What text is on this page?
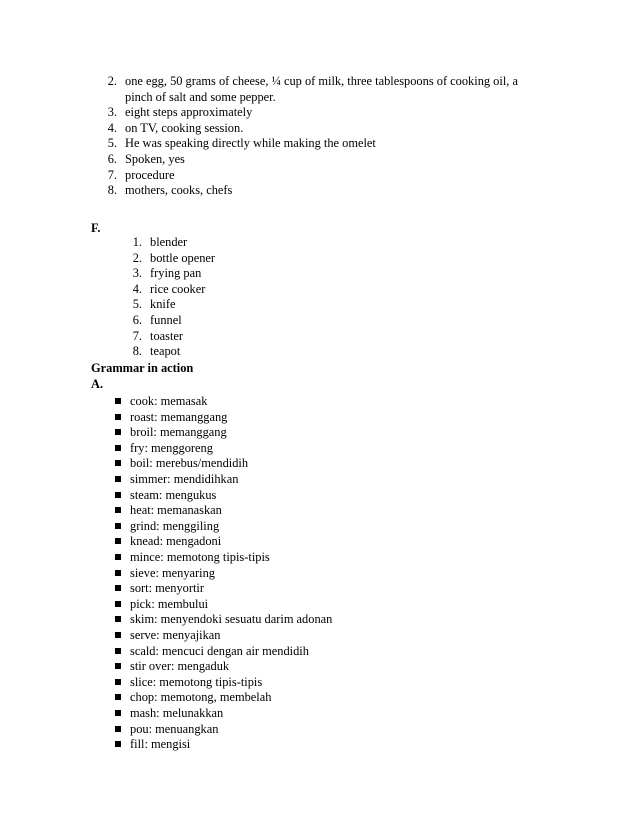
2. one egg, 50 grams of cheese, ¼ cup of milk, three tablespoons of cooking oil, a
pinch of salt and some pepper.
3. eight steps approximately
4. on TV, cooking session.
5. He was speaking directly while making the omelet
6. Spoken, yes
7. procedure
8. mothers, cooks, chefs
F.
1. blender
2. bottle opener
3. frying pan
4. rice cooker
5. knife
6. funnel
7. toaster
8. teapot
Grammar in action
A.
cook: memasak
roast: memanggang
broil: memanggang
fry: menggoreng
boil: merebus/mendidih
simmer: mendidihkan
steam: mengukus
heat: memanaskan
grind: menggiling
knead: mengadoni
mince: memotong tipis-tipis
sieve: menyaring
sort: menyortir
pick: membului
skim: menyendoki sesuatu darim adonan
serve: menyajikan
scald: mencuci dengan air mendidih
stir over: mengaduk
slice: memotong tipis-tipis
chop: memotong, membelah
mash: melunakkan
pou: menuangkan
fill: mengisi
